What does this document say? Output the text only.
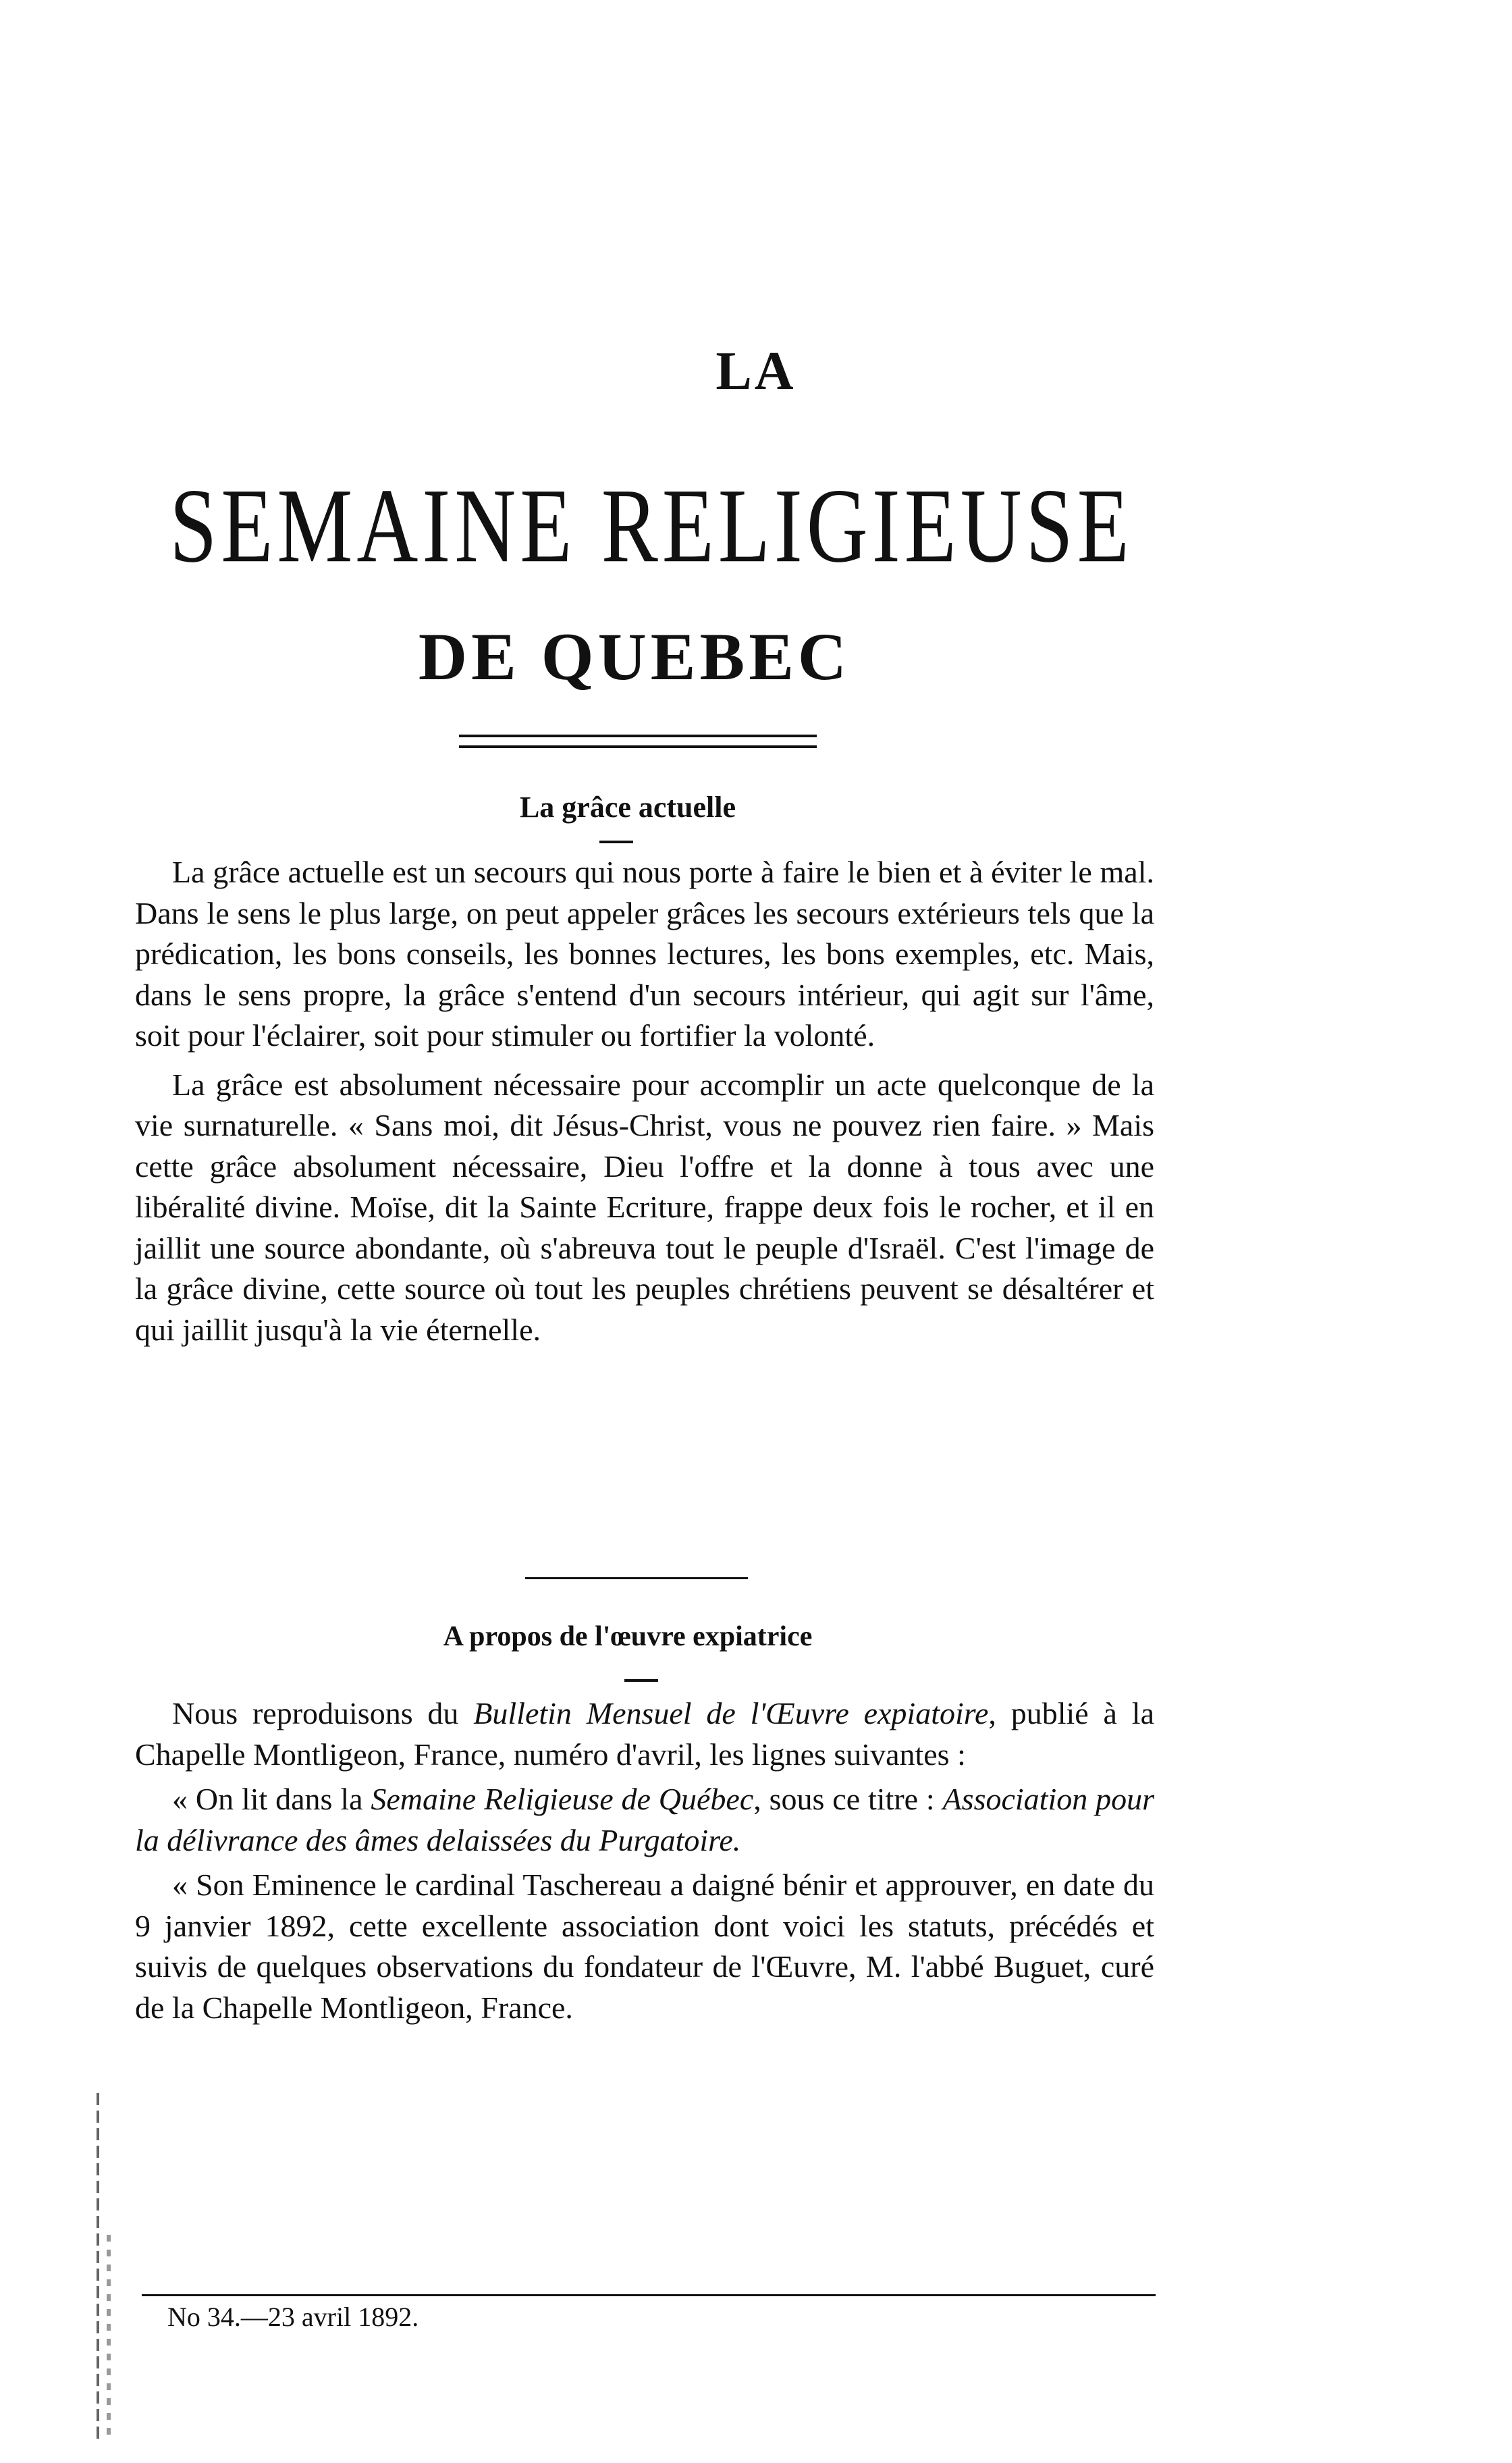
LA
SEMAINE RELIGIEUSE
DE QUEBEC
La grâce actuelle

La grâce actuelle est un secours qui nous porte à faire le bien et à éviter le mal. Dans le sens le plus large, on peut appeler grâces les secours extérieurs tels que la prédication, les bons conseils, les bonnes lectures, les bons exemples, etc. Mais, dans le sens propre, la grâce s'entend d'un secours intérieur, qui agit sur l'âme, soit pour l'éclairer, soit pour stimuler ou fortifier la volonté.

La grâce est absolument nécessaire pour accomplir un acte quelconque de la vie surnaturelle. « Sans moi, dit Jésus-Christ, vous ne pouvez rien faire. » Mais cette grâce absolument nécessaire, Dieu l'offre et la donne à tous avec une libéralité divine. Moïse, dit la Sainte Ecriture, frappe deux fois le rocher, et il en jaillit une source abondante, où s'abreuva tout le peuple d'Israël. C'est l'image de la grâce divine, cette source où tout les peuples chrétiens peuvent se désaltérer et qui jaillit jusqu'à la vie éternelle.

A propos de l'œuvre expiatrice

Nous reproduisons du Bulletin Mensuel de l'Œuvre expiatoire, publié à la Chapelle Montligeon, France, numéro d'avril, les lignes suivantes :

« On lit dans la Semaine Religieuse de Québec, sous ce titre : Association pour la délivrance des âmes delaissées du Purgatoire.

« Son Eminence le cardinal Taschereau a daigné bénir et approuver, en date du 9 janvier 1892, cette excellente association dont voici les statuts, précédés et suivis de quelques observations du fondateur de l'Œuvre, M. l'abbé Buguet, curé de la Chapelle Montligeon, France.

No 34.—23 avril 1892.
